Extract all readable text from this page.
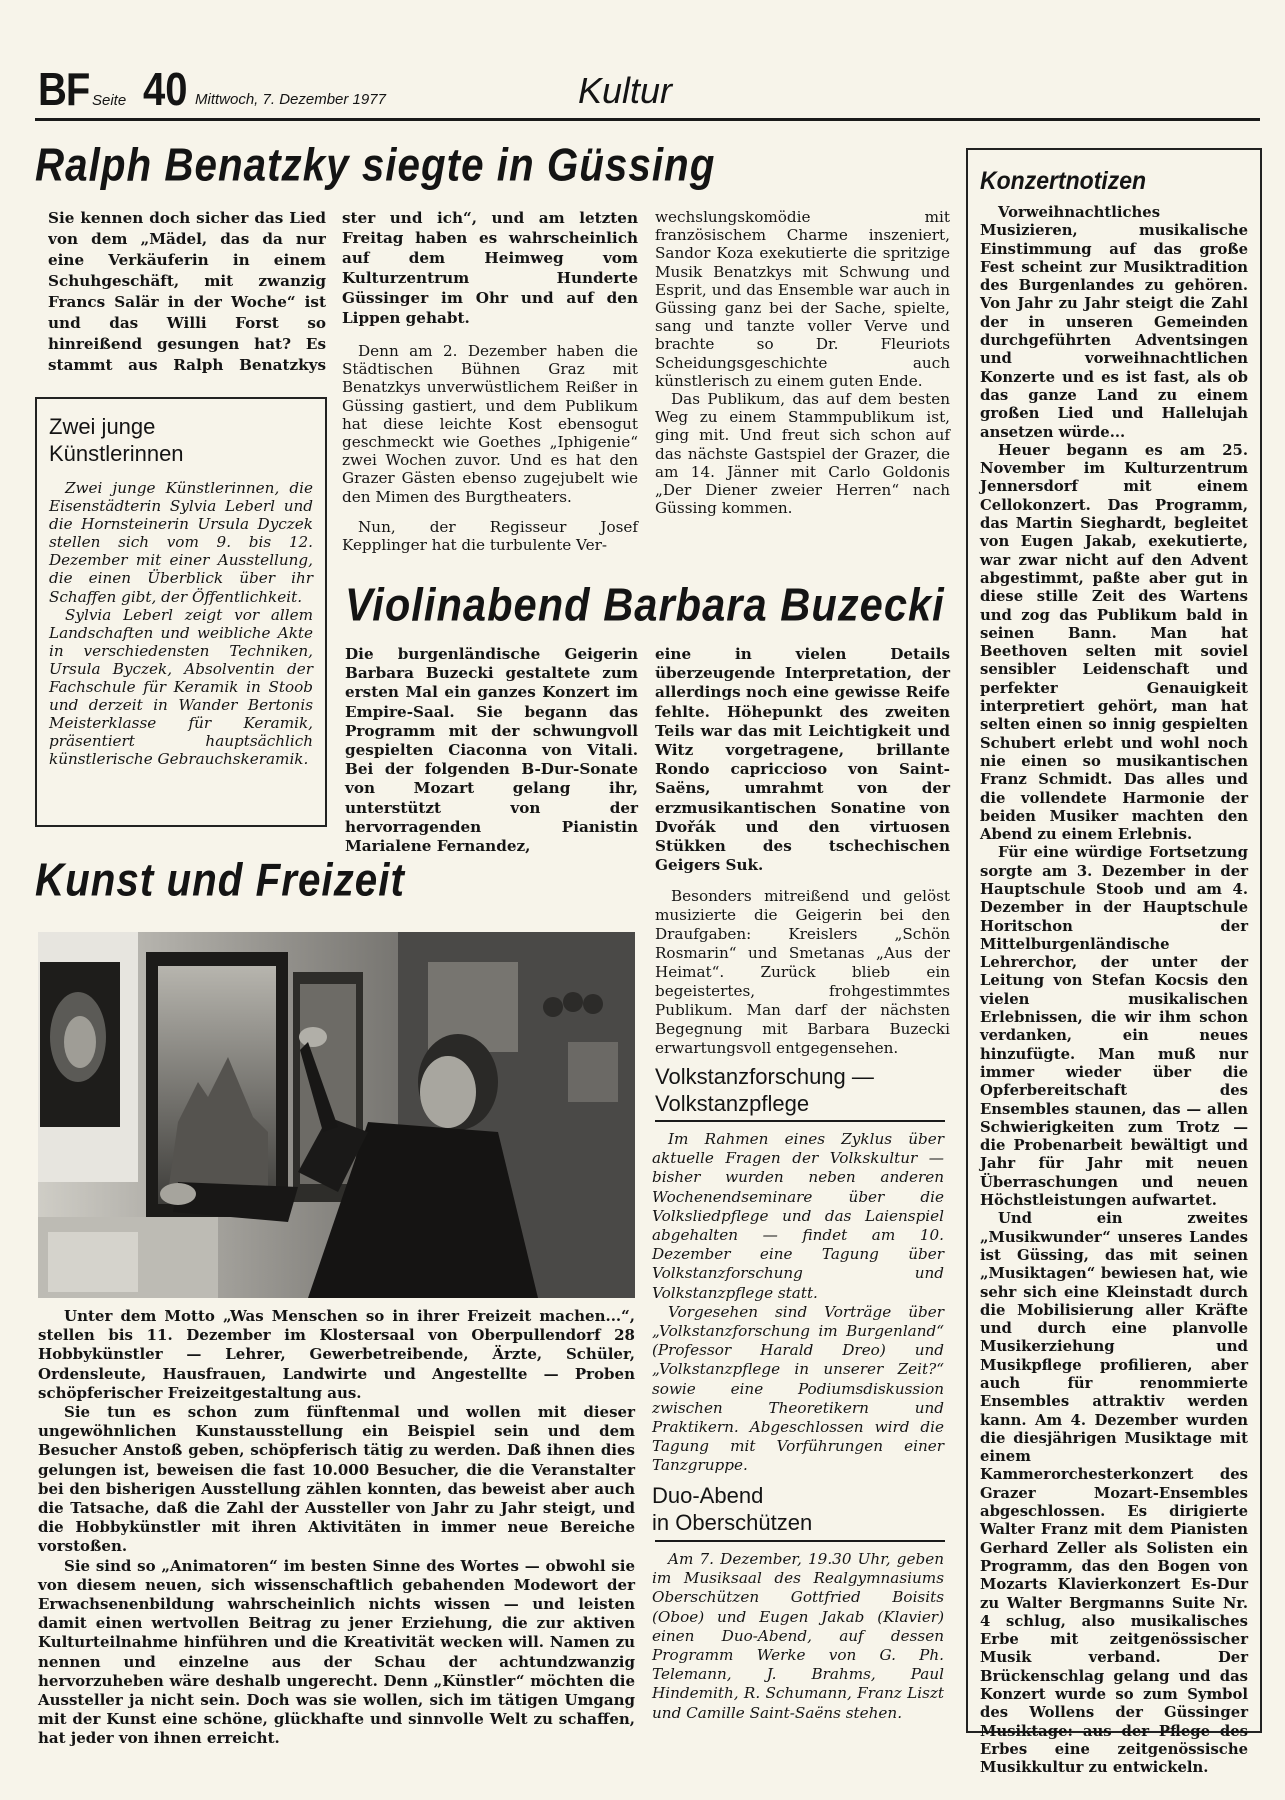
BF Seite 40 Mittwoch, 7. Dezember 1977	Kultur
Ralph Benatzky siegte in Güssing

Sie kennen doch sicher das Lied von dem „Mädel, das da nur eine Verkäuferin in einem Schuhgeschäft, mit zwanzig Francs Salär in der Woche“ ist und das Willi Forst so hinreißend gesungen hat? Es stammt aus Ralph Benatzkys

ster und ich“, und am letzten Freitag haben es wahrscheinlich auf dem Heimweg vom Kulturzentrum Hunderte Güssinger im Ohr und auf den Lippen gehabt.

Denn am 2. Dezember haben die Städtischen Bühnen Graz mit Benatzkys unverwüstlichem Reißer in Güssing gastiert, und dem Publikum hat diese leichte Kost ebensogut geschmeckt wie Goethes „Iphigenie“ zwei Wochen zuvor. Und es hat den Grazer Gästen ebenso zugejubelt wie den Mimen des Burgtheaters.

Nun, der Regisseur Josef Kepplinger hat die turbulente Ver-

wechslungskomödie mit französischem Charme inszeniert, Sandor Koza exekutierte die spritzige Musik Benatzkys mit Schwung und Esprit, und das Ensemble war auch in Güssing ganz bei der Sache, spielte, sang und tanzte voller Verve und brachte so Dr. Fleuriots Scheidungsgeschichte auch künstlerisch zu einem guten Ende.

Das Publikum, das auf dem besten Weg zu einem Stammpublikum ist, ging mit. Und freut sich schon auf das nächste Gastspiel der Grazer, die am 14. Jänner mit Carlo Goldonis „Der Diener zweier Herren“ nach Güssing kommen.

Zwei junge Künstlerinnen

Zwei junge Künstlerinnen, die Eisenstädterin Sylvia Leberl und die Hornsteinerin Ursula Dyczek stellen sich vom 9. bis 12. Dezember mit einer Ausstellung, die einen Überblick über ihr Schaffen gibt, der Öffentlichkeit.

Sylvia Leberl zeigt vor allem Landschaften und weibliche Akte in verschiedensten Techniken, Ursula Byczek, Absolventin der Fachschule für Keramik in Stoob und derzeit in Wander Bertonis Meisterklasse für Keramik, präsentiert hauptsächlich künstlerische Gebrauchskeramik.

Violinabend Barbara Buzecki

Die burgenländische Geigerin Barbara Buzecki gestaltete zum ersten Mal ein ganzes Konzert im Empire-Saal. Sie begann das Programm mit der schwungvoll gespielten Ciaconna von Vitali. Bei der folgenden B-Dur-Sonate von Mozart gelang ihr, unterstützt von der hervorragenden Pianistin Marialene Fernandez,

eine in vielen Details überzeugende Interpretation, der allerdings noch eine gewisse Reife fehlte. Höhepunkt des zweiten Teils war das mit Leichtigkeit und Witz vorgetragene, brillante Rondo capriccioso von Saint-Saëns, umrahmt von der erzmusikantischen Sonatine von Dvořák und den virtuosen Stükken des tschechischen Geigers Suk.

Besonders mitreißend und gelöst musizierte die Geigerin bei den Draufgaben: Kreislers „Schön Rosmarin“ und Smetanas „Aus der Heimat“. Zurück blieb ein begeistertes, frohgestimmtes Publikum. Man darf der nächsten Begegnung mit Barbara Buzecki erwartungsvoll entgegensehen.

Kunst und Freizeit

Unter dem Motto „Was Menschen so in ihrer Freizeit machen...“, stellen bis 11. Dezember im Klostersaal von Oberpullendorf 28 Hobbykünstler — Lehrer, Gewerbetreibende, Ärzte, Schüler, Ordensleute, Hausfrauen, Landwirte und Angestellte — Proben schöpferischer Freizeitgestaltung aus.

Sie tun es schon zum fünftenmal und wollen mit dieser ungewöhnlichen Kunstausstellung ein Beispiel sein und dem Besucher Anstoß geben, schöpferisch tätig zu werden. Daß ihnen dies gelungen ist, beweisen die fast 10.000 Besucher, die die Veranstalter bei den bisherigen Ausstellung zählen konnten, das beweist aber auch die Tatsache, daß die Zahl der Aussteller von Jahr zu Jahr steigt, und die Hobbykünstler mit ihren Aktivitäten in immer neue Bereiche vorstoßen.

Sie sind so „Animatoren“ im besten Sinne des Wortes — obwohl sie von diesem neuen, sich wissenschaftlich gebahenden Modewort der Erwachsenenbildung wahrscheinlich nichts wissen — und leisten damit einen wertvollen Beitrag zu jener Erziehung, die zur aktiven Kulturteilnahme hinführen und die Kreativität wecken will. Namen zu nennen und einzelne aus der Schau der achtundzwanzig hervorzuheben wäre deshalb ungerecht. Denn „Künstler“ möchten die Aussteller ja nicht sein. Doch was sie wollen, sich im tätigen Umgang mit der Kunst eine schöne, glückhafte und sinnvolle Welt zu schaffen, hat jeder von ihnen erreicht.

Volkstanzforschung —
Volkstanzpflege

Im Rahmen eines Zyklus über aktuelle Fragen der Volkskultur — bisher wurden neben anderen Wochenendseminare über die Volksliedpflege und das Laienspiel abgehalten — findet am 10. Dezember eine Tagung über Volkstanzforschung und Volkstanzpflege statt.

Vorgesehen sind Vorträge über „Volkstanzforschung im Burgenland“ (Professor Harald Dreo) und „Volkstanzpflege in unserer Zeit?“ sowie eine Podiumsdiskussion zwischen Theoretikern und Praktikern. Abgeschlossen wird die Tagung mit Vorführungen einer Tanzgruppe.

Duo-Abend
in Oberschützen

Am 7. Dezember, 19.30 Uhr, geben im Musiksaal des Realgymnasiums Oberschützen Gottfried Boisits (Oboe) und Eugen Jakab (Klavier) einen Duo-Abend, auf dessen Programm Werke von G. Ph. Telemann, J. Brahms, Paul Hindemith, R. Schumann, Franz Liszt und Camille Saint-Saëns stehen.

Konzertnotizen

Vorweihnachtliches Musizieren, musikalische Einstimmung auf das große Fest scheint zur Musiktradition des Burgenlandes zu gehören. Von Jahr zu Jahr steigt die Zahl der in unseren Gemeinden durchgeführten Adventsingen und vorweihnachtlichen Konzerte und es ist fast, als ob das ganze Land zu einem großen Lied und Hallelujah ansetzen würde...

Heuer begann es am 25. November im Kulturzentrum Jennersdorf mit einem Cellokonzert. Das Programm, das Martin Sieghardt, begleitet von Eugen Jakab, exekutierte, war zwar nicht auf den Advent abgestimmt, paßte aber gut in diese stille Zeit des Wartens und zog das Publikum bald in seinen Bann. Man hat Beethoven selten mit soviel sensibler Leidenschaft und perfekter Genauigkeit interpretiert gehört, man hat selten einen so innig gespielten Schubert erlebt und wohl noch nie einen so musikantischen Franz Schmidt. Das alles und die vollendete Harmonie der beiden Musiker machten den Abend zu einem Erlebnis.

Für eine würdige Fortsetzung sorgte am 3. Dezember in der Hauptschule Stoob und am 4. Dezember in der Hauptschule Horitschon der Mittelburgenländische Lehrerchor, der unter der Leitung von Stefan Kocsis den vielen musikalischen Erlebnissen, die wir ihm schon verdanken, ein neues hinzufügte. Man muß nur immer wieder über die Opferbereitschaft des Ensembles staunen, das — allen Schwierigkeiten zum Trotz — die Probenarbeit bewältigt und Jahr für Jahr mit neuen Überraschungen und neuen Höchstleistungen aufwartet.

Und ein zweites „Musikwunder“ unseres Landes ist Güssing, das mit seinen „Musiktagen“ bewiesen hat, wie sehr sich eine Kleinstadt durch die Mobilisierung aller Kräfte und durch eine planvolle Musikerziehung und Musikpflege profilieren, aber auch für renommierte Ensembles attraktiv werden kann. Am 4. Dezember wurden die diesjährigen Musiktage mit einem Kammerorchesterkonzert des Grazer Mozart-Ensembles abgeschlossen. Es dirigierte Walter Franz mit dem Pianisten Gerhard Zeller als Solisten ein Programm, das den Bogen von Mozarts Klavierkonzert Es-Dur zu Walter Bergmanns Suite Nr. 4 schlug, also musikalisches Erbe mit zeitgenössischer Musik verband. Der Brückenschlag gelang und das Konzert wurde so zum Symbol des Wollens der Güssinger Musiktage: aus der Pflege des Erbes eine zeitgenössische Musikkultur zu entwickeln.
